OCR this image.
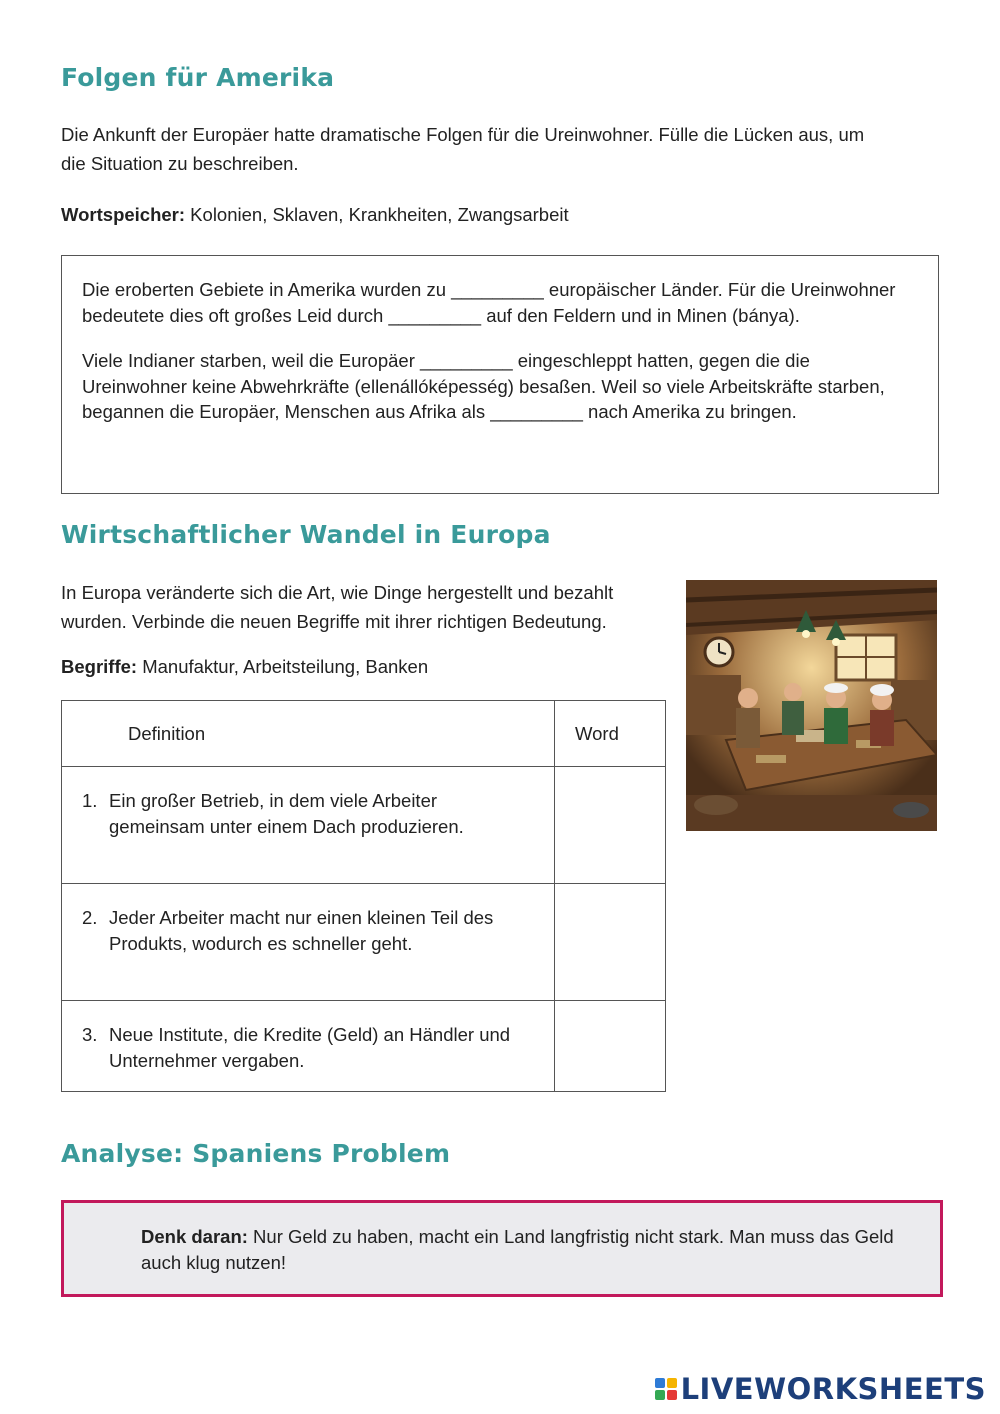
Folgen für Amerika

Die Ankunft der Europäer hatte dramatische Folgen für die Ureinwohner. Fülle die Lücken aus, um
die Situation zu beschreiben.

Wortspeicher: Kolonien, Sklaven, Krankheiten, Zwangsarbeit

Die eroberten Gebiete in Amerika wurden zu _________ europäischer Länder. Für die Ureinwohner bedeutete dies oft großes Leid durch _________ auf den Feldern und in Minen (bánya).

Viele Indianer starben, weil die Europäer _________ eingeschleppt hatten, gegen die die Ureinwohner keine Abwehrkräfte (ellenállóképesség) besaßen. Weil so viele Arbeitskräfte starben, begannen die Europäer, Menschen aus Afrika als _________ nach Amerika zu bringen.

Wirtschaftlicher Wandel in Europa

In Europa veränderte sich die Art, wie Dinge hergestellt und bezahlt
wurden. Verbinde die neuen Begriffe mit ihrer richtigen Bedeutung.

Begriffe: Manufaktur, Arbeitsteilung, Banken

Definition	Word

1. Ein großer Betrieb, in dem viele Arbeiter gemeinsam unter einem Dach produzieren.	

2. Jeder Arbeiter macht nur einen kleinen Teil des Produkts, wodurch es schneller geht.	

3. Neue Institute, die Kredite (Geld) an Händler und Unternehmer vergaben.	

Analyse: Spaniens Problem
Denk daran: Nur Geld zu haben, macht ein Land langfristig nicht stark. Man muss das Geld auch klug nutzen!
LIVEWORKSHEETS
